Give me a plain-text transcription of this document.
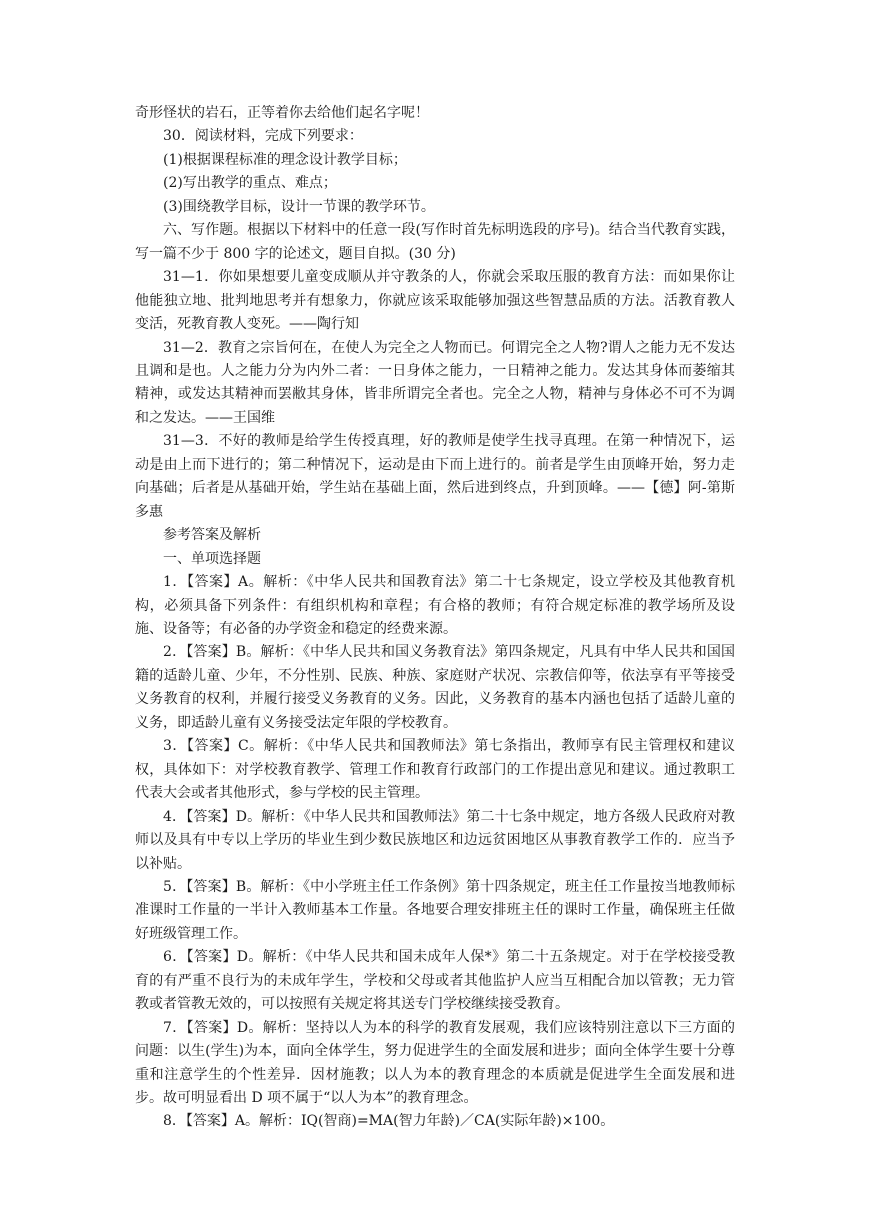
奇形怪状的岩石，正等着你去给他们起名字呢！

30．阅读材料，完成下列要求：

(1)根据课程标准的理念设计教学目标；

(2)写出教学的重点、难点；

(3)围绕教学目标，设计一节课的教学环节。

六、写作题。根据以下材料中的任意一段(写作时首先标明选段的序号)。结合当代教育实践，写一篇不少于 800 字的论述文，题目自拟。(30 分)

31—1．你如果想要儿童变成顺从并守教条的人，你就会采取压服的教育方法：而如果你让他能独立地、批判地思考并有想象力，你就应该采取能够加强这些智慧品质的方法。活教育教人变活，死教育教人变死。——陶行知

31—2．教育之宗旨何在，在使人为完全之人物而已。何谓完全之人物?谓人之能力无不发达且调和是也。人之能力分为内外二者：一日身体之能力，一日精神之能力。发达其身体而萎缩其精神，或发达其精神而罢敝其身体，皆非所谓完全者也。完全之人物，精神与身体必不可不为调和之发达。——王国维

31—3．不好的教师是给学生传授真理，好的教师是使学生找寻真理。在第一种情况下，运动是由上而下进行的；第二种情况下，运动是由下而上进行的。前者是学生由顶峰开始，努力走向基础；后者是从基础开始，学生站在基础上面，然后进到终点，升到顶峰。——【德】阿-第斯多惠

参考答案及解析

一、单项选择题

1．【答案】A。解析：《中华人民共和国教育法》第二十七条规定，设立学校及其他教育机构，必须具备下列条件：有组织机构和章程；有合格的教师；有符合规定标准的教学场所及设施、设备等；有必备的办学资金和稳定的经费来源。

2．【答案】B。解析：《中华人民共和国义务教育法》第四条规定，凡具有中华人民共和国国籍的适龄儿童、少年，不分性别、民族、种族、家庭财产状况、宗教信仰等，依法享有平等接受义务教育的权利，并履行接受义务教育的义务。因此，义务教育的基本内涵也包括了适龄儿童的义务，即适龄儿童有义务接受法定年限的学校教育。

3．【答案】C。解析：《中华人民共和国教师法》第七条指出，教师享有民主管理权和建议权，具体如下：对学校教育教学、管理工作和教育行政部门的工作提出意见和建议。通过教职工代表大会或者其他形式，参与学校的民主管理。

4．【答案】D。解析：《中华人民共和国教师法》第二十七条中规定，地方各级人民政府对教师以及具有中专以上学历的毕业生到少数民族地区和边远贫困地区从事教育教学工作的．应当予以补贴。

5．【答案】B。解析：《中小学班主任工作条例》第十四条规定，班主任工作量按当地教师标准课时工作量的一半计入教师基本工作量。各地要合理安排班主任的课时工作量，确保班主任做好班级管理工作。

6．【答案】D。解析：《中华人民共和国未成年人保*》第二十五条规定。对于在学校接受教育的有严重不良行为的未成年学生，学校和父母或者其他监护人应当互相配合加以管教；无力管教或者管教无效的，可以按照有关规定将其送专门学校继续接受教育。

7．【答案】D。解析：坚持以人为本的科学的教育发展观，我们应该特别注意以下三方面的问题：以生(学生)为本，面向全体学生，努力促进学生的全面发展和进步；面向全体学生要十分尊重和注意学生的个性差异．因材施教；以人为本的教育理念的本质就是促进学生全面发展和进步。故可明显看出 D 项不属于“以人为本”的教育理念。

8．【答案】A。解析：IQ(智商)=MA(智力年龄)／CA(实际年龄)×100。
